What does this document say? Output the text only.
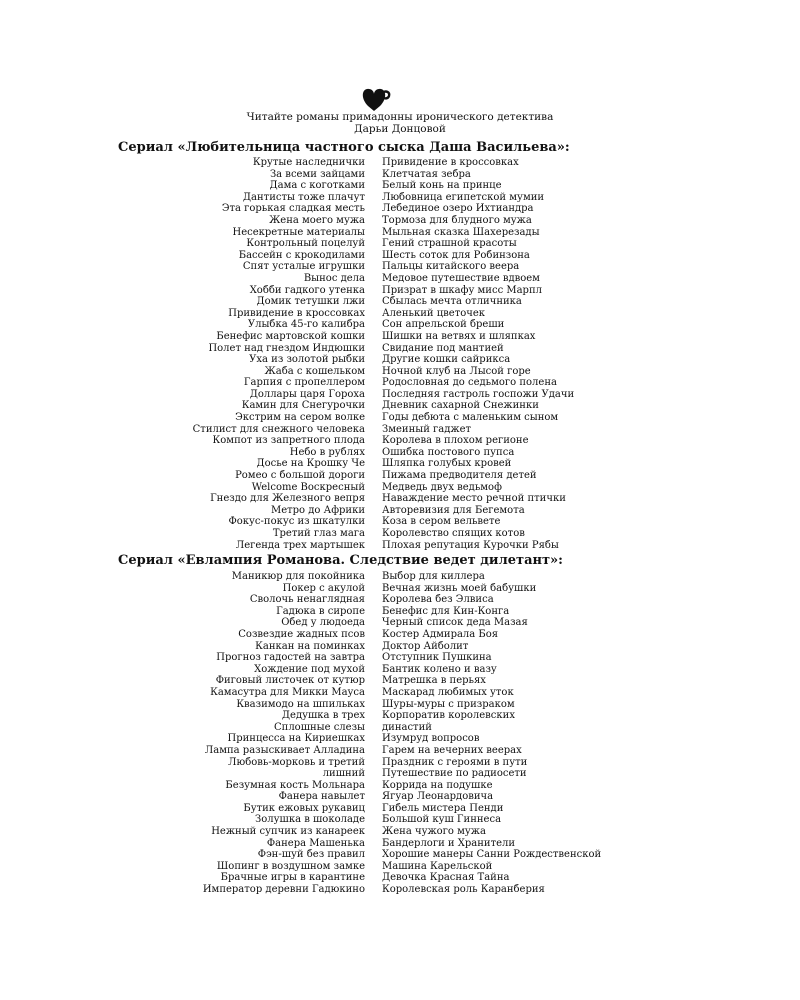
Читайте романы примадонны иронического детектива
Дарьи Донцовой
Сериал «Любительница частного сыска Даша Васильева»:
Крутые наследнички Привидение в кроссовках
За всеми зайцами Клетчатая зебра
Дама с коготками Белый конь на принце
Дантисты тоже плачут Любовница египетской мумии
Эта горькая сладкая месть Лебединое озеро Ихтиандра
Жена моего мужа Тормоза для блудного мужа
Несекретные материалы Мыльная сказка Шахерезады
Контрольный поцелуй Гений страшной красоты
Бассейн с крокодилами Шесть соток для Робинзона
Спят усталые игрушки Пальцы китайского веера
Вынос дела Медовое путешествие вдвоем
Хобби гадкого утенка Призрат в шкафу мисс Марпл
Домик тетушки лжи Сбылась мечта отличника
Привидение в кроссовках Аленький цветочек
Улыбка 45-го калибра Сон апрельской бреши
Бенефис мартовской кошки Шишки на ветвях и шляпках
Полет над гнездом Индюшки Свидание под мантией
Уха из золотой рыбки Другие кошки сайрикса
Жаба с кошельком Ночной клуб на Лысой горе
Гарпия с пропеллером Родословная до седьмого полена
Доллары царя Гороха Последняя гастроль госпожи Удачи
Камин для Снегурочки Дневник сахарной Снежинки
Экстрим на сером волке Годы дебюта с маленьким сыном
Стилист для снежного человека Змеиный гаджет
Компот из запретного плода Королева в плохом регионе
Небо в рублях Ошибка постового пупса
Досье на Крошку Че Шляпка голубых кровей
Ромео с большой дороги Пижама предводителя детей
Welcome Воскресный Медведь двух ведьмоф
Гнездо для Железного вепря Наваждение место речной птички
Метро до Африки Авторевизия для Бегемота
Фокус-покус из шкатулки Коза в сером вельвете
Третий глаз мага Королевство спящих котов
Легенда трех мартышек Плохая репутация Курочки Рябы
Сериал «Евлампия Романова. Следствие ведет дилетант»:
Маникюр для покойника Выбор для киллера
Покер с акулой Вечная жизнь моей бабушки
Сволочь ненаглядная Королева без Элвиса
Гадюка в сиропе Бенефис для Кин-Конга
Обед у людоеда Черный список деда Мазая
Созвездие жадных псов Костер Адмирала Боя
Канкан на поминках Доктор Айболит
Прогноз гадостей на завтра Отступник Пушкина
Хождение под мухой Бантик колено и вазу
Фиговый листочек от кутюр Матрешка в перьях
Камасутра для Микки Мауса Маскарад любимых уток
Квазимодо на шпильках Шуры-муры с призраком
Дедушка в трех Корпоратив королевских
Сплошные слезы династий
Принцесса на Кириешках Изумруд вопросов
Лампа разыскивает Алладина Гарем на вечерних веерах
Любовь-морковь и третий Праздник с героями в пути
лишний Путешествие по радиосети
Безумная кость Мольнара Коррида на подушке
Фанера навылет Ягуар Леонардовича
Бутик ежовых рукавиц Гибель мистера Пенди
Золушка в шоколаде Большой куш Гиннеса
Нежный супчик из канареек Жена чужого мужа
Фанера Машенька Бандерлоги и Хранители
Фэн-шуй без правил Хорошие манеры Санни Рождественской
Шопинг в воздушном замке Машина Карельской
Брачные игры в карантине Девочка Красная Тайна
Император деревни Гадюкино Королевская роль Каранберия
